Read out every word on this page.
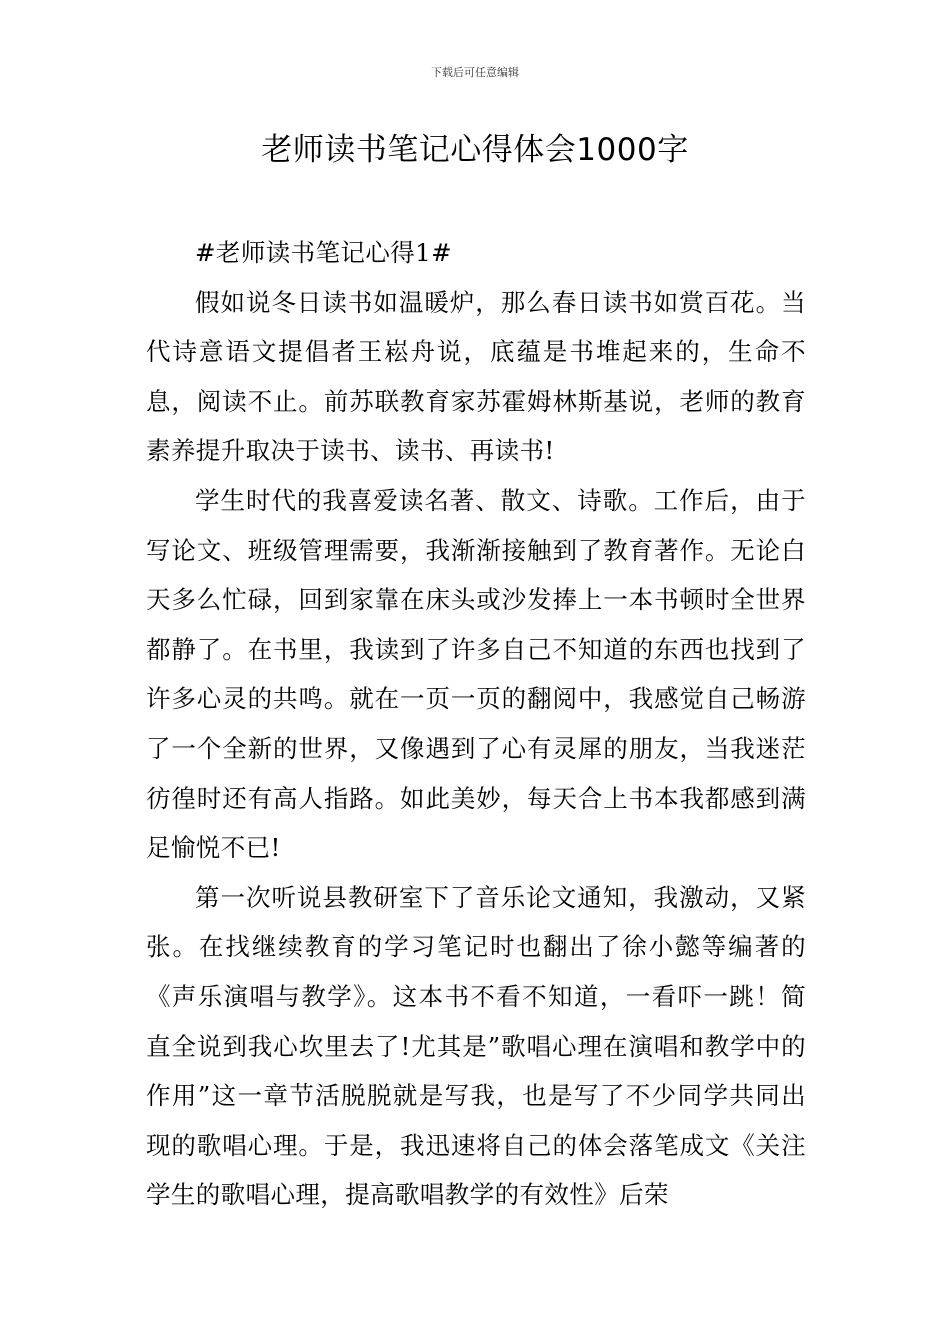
下载后可任意编辑
老师读书笔记心得体会1000字

#老师读书笔记心得1#

假如说冬日读书如温暖炉，那么春日读书如赏百花。当代诗意语文提倡者王崧舟说，底蕴是书堆起来的，生命不息，阅读不止。前苏联教育家苏霍姆林斯基说，老师的教育素养提升取决于读书、读书、再读书!

学生时代的我喜爱读名著、散文、诗歌。工作后，由于写论文、班级管理需要，我渐渐接触到了教育著作。无论白天多么忙碌，回到家靠在床头或沙发捧上一本书顿时全世界都静了。在书里，我读到了许多自己不知道的东西也找到了许多心灵的共鸣。就在一页一页的翻阅中，我感觉自己畅游了一个全新的世界，又像遇到了心有灵犀的朋友，当我迷茫彷徨时还有高人指路。如此美妙，每天合上书本我都感到满足愉悦不已!

第一次听说县教研室下了音乐论文通知，我激动，又紧张。在找继续教育的学习笔记时也翻出了徐小懿等编著的《声乐演唱与教学》。这本书不看不知道，一看吓一跳！简直全说到我心坎里去了!尤其是”歌唱心理在演唱和教学中的作用”这一章节活脱脱就是写我，也是写了不少同学共同出现的歌唱心理。于是，我迅速将自己的体会落笔成文《关注学生的歌唱心理，提高歌唱教学的有效性》后荣
